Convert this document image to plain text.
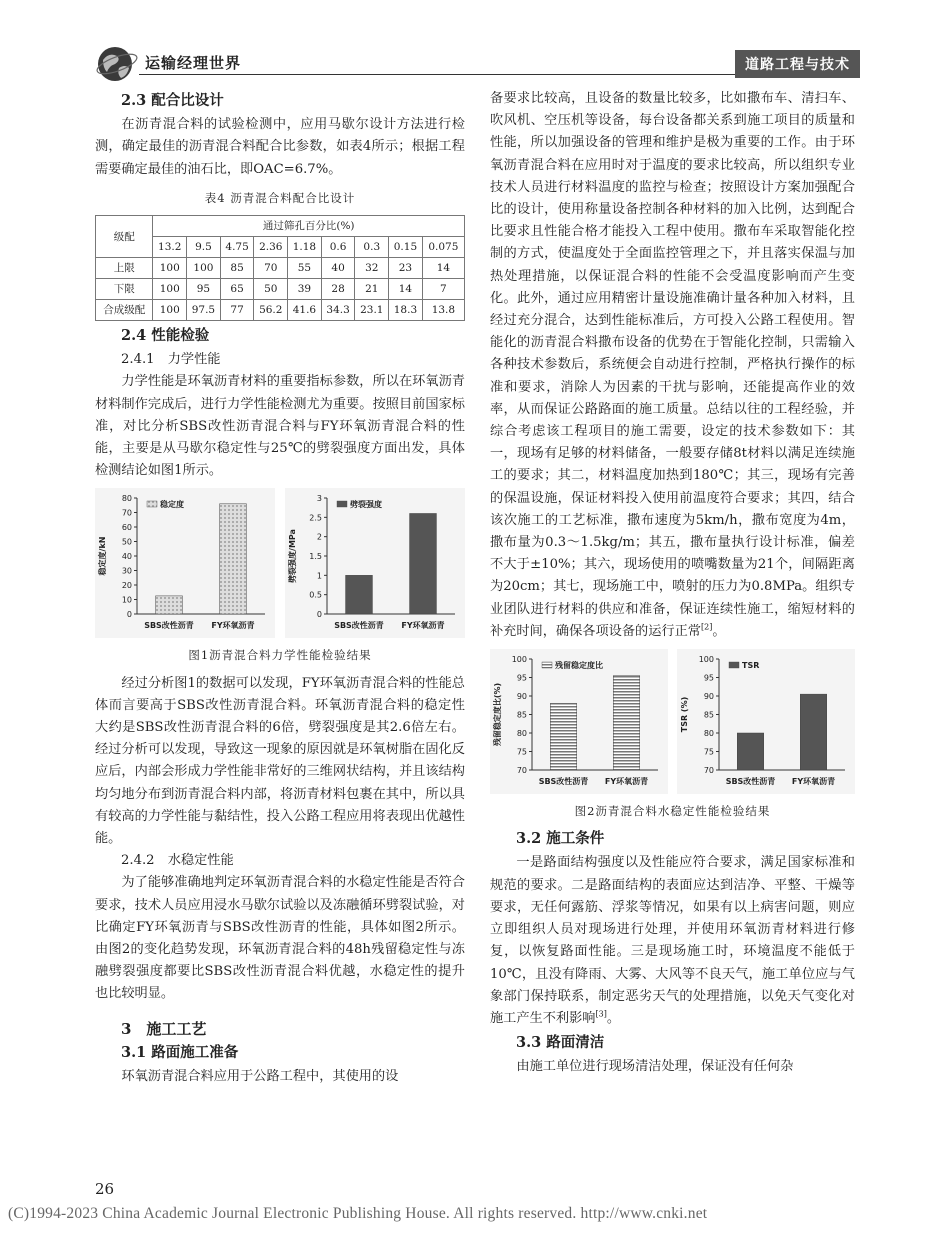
运输经理世界	道路工程与技术
2.3 配合比设计

在沥青混合料的试验检测中，应用马歇尔设计方法进行检测，确定最佳的沥青混合料配合比参数，如表4所示；根据工程需要确定最佳的油石比，即OAC=6.7%。

表4 沥青混合料配合比设计
级配	通过筛孔百分比(%)								
	13.2	9.5	4.75	2.36	1.18	0.6	0.3	0.15	0.075
上限	100	100	85	70	55	40	32	23	14
下限	100	95	65	50	39	28	21	14	7
合成级配	100	97.5	77	56.2	41.6	34.3	23.1	18.3	13.8
2.4 性能检验
2.4.1　力学性能

力学性能是环氧沥青材料的重要指标参数，所以在环氧沥青材料制作完成后，进行力学性能检测尤为重要。按照目前国家标准，对比分析SBS改性沥青混合料与FY环氧沥青混合料的性能，主要是从马歇尔稳定性与25℃的劈裂强度方面出发，具体检测结论如图1所示。

0
10
20
30
40
50
60
70
80
稳定度/kN
SBS改性沥青 FY环氧沥青
稳定度
0
0.5
1
1.5
2
2.5
3
劈裂强度/MPa
SBS改性沥青 FY环氧沥青
劈裂强度
图1沥青混合料力学性能检验结果

经过分析图1的数据可以发现，FY环氧沥青混合料的性能总体而言要高于SBS改性沥青混合料。环氧沥青混合料的稳定性大约是SBS改性沥青混合料的6倍，劈裂强度是其2.6倍左右。经过分析可以发现，导致这一现象的原因就是环氧树脂在固化反应后，内部会形成力学性能非常好的三维网状结构，并且该结构均匀地分布到沥青混合料内部，将沥青材料包裹在其中，所以具有较高的力学性能与黏结性，投入公路工程应用将表现出优越性能。

2.4.2　水稳定性能

为了能够准确地判定环氧沥青混合料的水稳定性能是否符合要求，技术人员应用浸水马歇尔试验以及冻融循环劈裂试验，对比确定FY环氧沥青与SBS改性沥青的性能，具体如图2所示。由图2的变化趋势发现，环氧沥青混合料的48h残留稳定性与冻融劈裂强度都要比SBS改性沥青混合料优越，水稳定性的提升也比较明显。

3　施工工艺
3.1 路面施工准备

环氧沥青混合料应用于公路工程中，其使用的设

备要求比较高，且设备的数量比较多，比如撒布车、清扫车、吹风机、空压机等设备，每台设备都关系到施工项目的质量和性能，所以加强设备的管理和维护是极为重要的工作。由于环氧沥青混合料在应用时对于温度的要求比较高，所以组织专业技术人员进行材料温度的监控与检查；按照设计方案加强配合比的设计，使用称量设备控制各种材料的加入比例，达到配合比要求且性能合格才能投入工程中使用。撒布车采取智能化控制的方式，使温度处于全面监控管理之下，并且落实保温与加热处理措施，以保证混合料的性能不会受温度影响而产生变化。此外，通过应用精密计量设施准确计量各种加入材料，且经过充分混合，达到性能标准后，方可投入公路工程使用。智能化的沥青混合料撒布设备的优势在于智能化控制，只需输入各种技术参数后，系统便会自动进行控制，严格执行操作的标准和要求，消除人为因素的干扰与影响，还能提高作业的效率，从而保证公路路面的施工质量。总结以往的工程经验，并综合考虑该工程项目的施工需要，设定的技术参数如下：其一，现场有足够的材料储备，一般要存储8t材料以满足连续施工的要求；其二，材料温度加热到180℃；其三，现场有完善的保温设施，保证材料投入使用前温度符合要求；其四，结合该次施工的工艺标准，撒布速度为5km/h，撒布宽度为4m，撒布量为0.3～1.5kg/m；其五，撒布量执行设计标准，偏差不大于±10%；其六，现场使用的喷嘴数量为21个，间隔距离为20cm；其七，现场施工中，喷射的压力为0.8MPa。组织专业团队进行材料的供应和准备，保证连续性施工，缩短材料的补充时间，确保各项设备的运行正常[2]。

70
75
80
85
90
95
100
残留稳定度比(%)
SBS改性沥青 FY环氧沥青
残留稳定度比
70
75
80
85
90
95
100
TSR (%)
SBS改性沥青 FY环氧沥青
TSR
图2沥青混合料水稳定性能检验结果
3.2 施工条件

一是路面结构强度以及性能应符合要求，满足国家标准和规范的要求。二是路面结构的表面应达到洁净、平整、干燥等要求，无任何露筋、浮浆等情况，如果有以上病害问题，则应立即组织人员对现场进行处理，并使用环氧沥青材料进行修复，以恢复路面性能。三是现场施工时，环境温度不能低于10℃，且没有降雨、大雾、大风等不良天气，施工单位应与气象部门保持联系，制定恶劣天气的处理措施，以免天气变化对施工产生不利影响[3]。

3.3 路面清洁

由施工单位进行现场清洁处理，保证没有任何杂

26
(C)1994-2023 China Academic Journal Electronic Publishing House. All rights reserved. http://www.cnki.net
